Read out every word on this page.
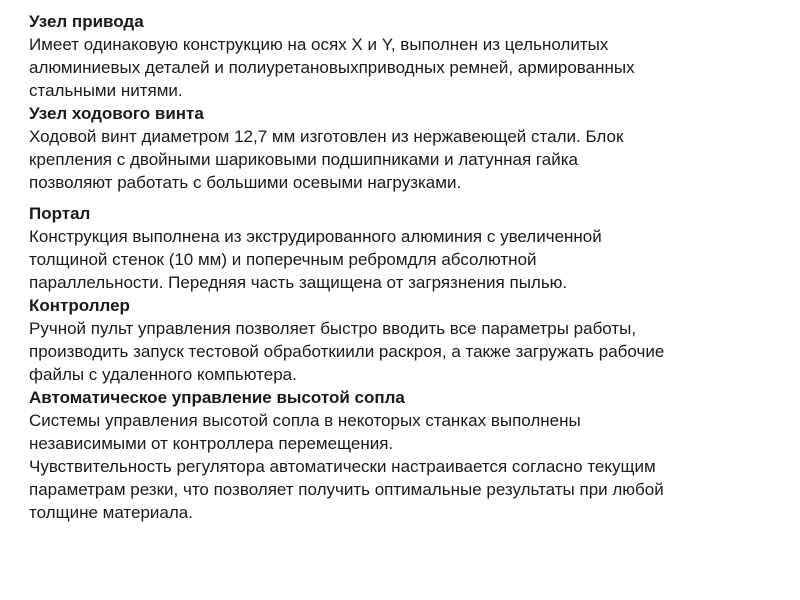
Узел привода

Имеет одинаковую конструкцию на осях X и Y, выполнен из цельнолитых

алюминиевых деталей и полиуретановыхприводных ремней, армированных

стальными нитями.

Узел ходового винта

Ходовой винт диаметром 12,7 мм изготовлен из нержавеющей стали. Блок

крепления с двойными шариковыми подшипниками и латунная гайка

позволяют работать с большими осевыми нагрузками.

Портал

Конструкция выполнена из экструдированного алюминия с увеличенной

толщиной стенок (10 мм) и поперечным ребромдля абсолютной

параллельности. Передняя часть защищена от загрязнения пылью.

Контроллер

Ручной пульт управления позволяет быстро вводить все параметры работы,

производить запуск тестовой обработкиили раскроя, а также загружать рабочие

файлы с удаленного компьютера.

Автоматическое управление высотой сопла

Системы управления высотой сопла в некоторых станках выполнены

независимыми от контроллера перемещения.

Чувствительность регулятора автоматически настраивается согласно текущим

параметрам резки, что позволяет получить оптимальные результаты при любой

толщине материала.
